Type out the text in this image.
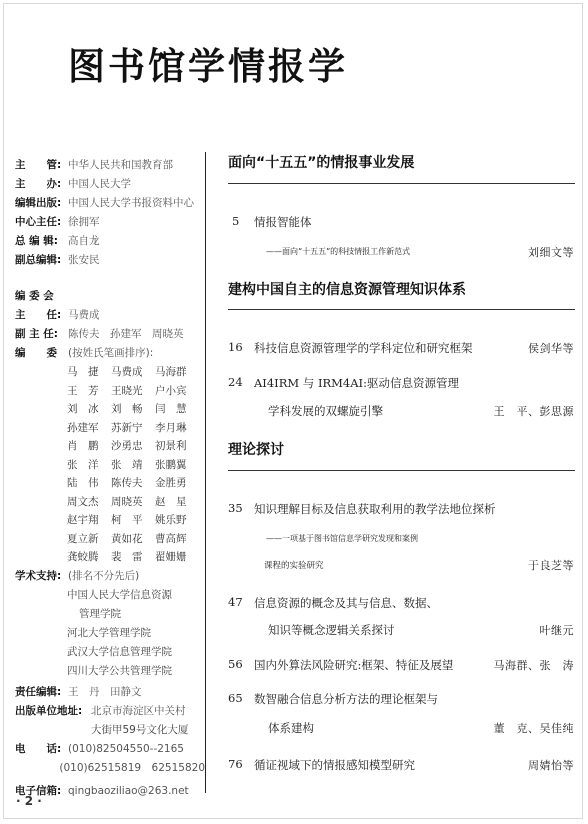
图书馆学情报学
主　　管: 中华人民共和国教育部
主　　办: 中国人民大学
编辑出版: 中国人民大学书报资料中心
中心主任: 徐拥军
总 编 辑: 高自龙
副总编辑: 张安民
编 委 会
主　　任: 马费成
副 主 任: 陈传夫　孙建军　周晓英
编　　委	(按姓氏笔画排序):
马　捷	马费成	马海群
王　芳	王晓光	户小宾
刘　冰	刘　畅	闫　慧
孙建军	苏新宁	李月琳
肖　鹏	沙勇忠	初景利
张　洋	张　靖	张鹏翼
陆　伟	陈传夫	金胜勇
周文杰	周晓英	赵　星
赵宇翔	柯　平	姚乐野
夏立新	黄如花	曹高辉
龚蛟腾	裴　雷	翟姗姗
学术支持: (排名不分先后)
中国人民大学信息资源
管理学院
河北大学管理学院
武汉大学信息管理学院
四川大学公共管理学院
责任编辑: 王　丹　田静文
出版单位地址: 北京市海淀区中关村
大街甲59号文化大厦
电　　话: (010)82504550--2165
(010)62515819　62515820
电子信箱: qingbaoziliao@263.net
· 2 ·
面向“十五五”的情报事业发展
5 情报智能体
——面向“十五五”的科技情报工作新范式	刘细文等
建构中国自主的信息资源管理知识体系
16 科技信息资源管理学的学科定位和研究框架	侯剑华等
24 AI4IRM 与 IRM4AI:驱动信息资源管理
学科发展的双螺旋引擎	王　平、彭思源
理论探讨
35 知识理解目标及信息获取利用的教学法地位探析
——一项基于图书馆信息学研究发现和案例
课程的实验研究	于良芝等
47 信息资源的概念及其与信息、数据、
知识等概念逻辑关系探讨	叶继元
56 国内外算法风险研究:框架、特征及展望	马海群、张　涛
65 数智融合信息分析方法的理论框架与
体系建构	董　克、吴佳纯
76 循证视域下的情报感知模型研究	周婧怡等
